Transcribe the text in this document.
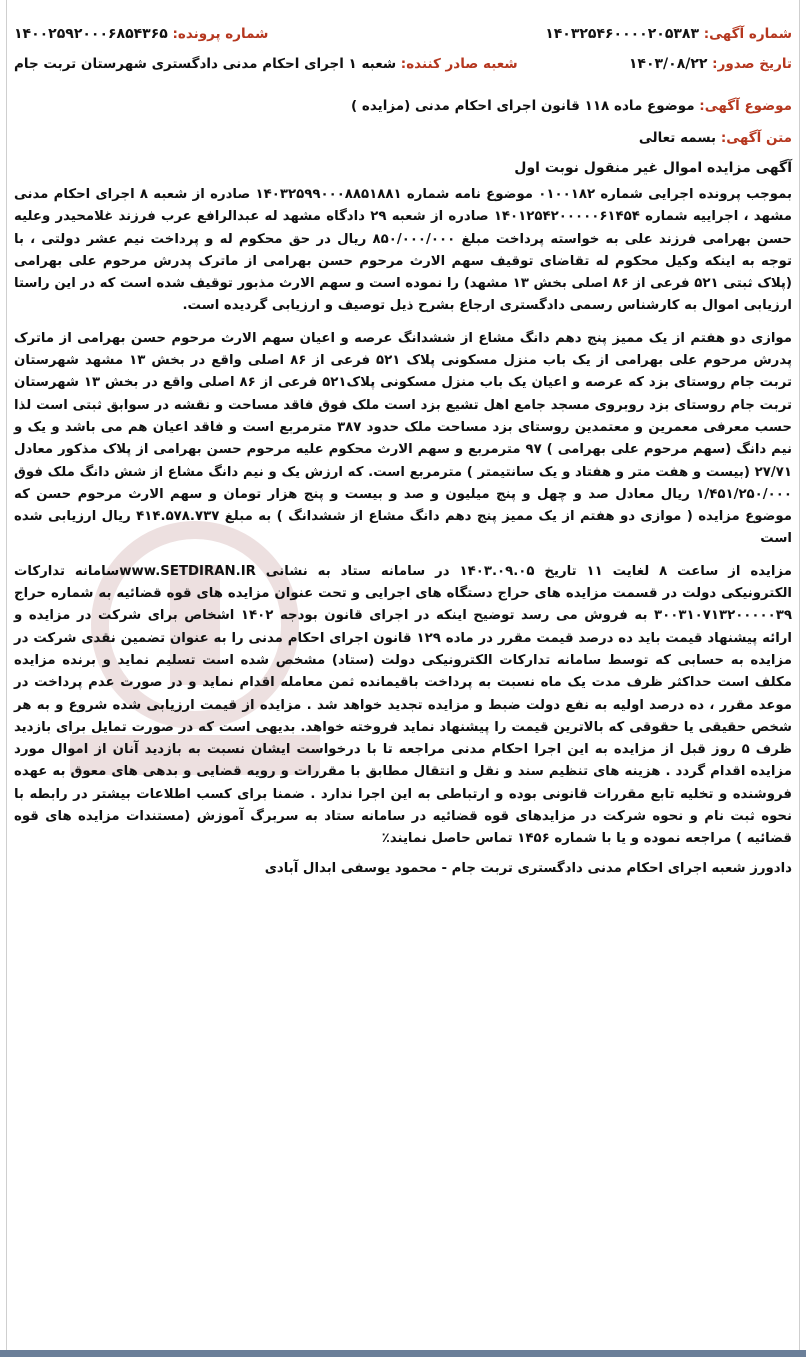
شماره آگهی: ۱۴۰۳۲۵۴۶۰۰۰۰۲۰۵۳۸۳
شماره پرونده: ۱۴۰۰۲۵۹۲۰۰۰۶۸۵۴۳۶۵
تاریخ صدور: ۱۴۰۳/۰۸/۲۲
شعبه صادر کننده: شعبه ۱ اجرای احکام مدنی دادگستری شهرستان تربت جام
موضوع آگهی: موضوع ماده ۱۱۸ قانون اجرای احکام مدنی (مزایده )
متن آگهی: بسمه تعالی
آگهی مزایده اموال غیر منقول نوبت اول

بموجب پرونده اجرایی شماره ۰۱۰۰۱۸۲ موضوع نامه شماره ۱۴۰۳۲۵۹۹۰۰۰۸۸۵۱۸۸۱ صادره از شعبه ۸ اجرای احکام مدنی مشهد ، اجراییه شماره ۱۴۰۱۲۵۴۲۰۰۰۰۰۶۱۴۵۴ صادره از شعبه ۲۹ دادگاه مشهد له عبدالرافع عرب فرزند غلامحیدر وعلیه حسن بهرامی فرزند علی به خواسته پرداخت مبلغ ۸۵۰/۰۰۰/۰۰۰ ریال در حق محکوم له و پرداخت نیم عشر دولتی ، با توجه به اینکه وکیل محکوم له تقاضای توقیف سهم الارث مرحوم حسن بهرامی از ماترک پدرش مرحوم علی بهرامی (پلاک ثبتی ۵۲۱ فرعی از ۸۶ اصلی بخش ۱۳ مشهد) را نموده است و سهم الارث مذبور توقیف شده است که در این راستا ارزیابی اموال به کارشناس رسمی دادگستری ارجاع بشرح ذیل توصیف و ارزیابی گردیده است.

موازی دو هفتم از یک ممیز پنج دهم دانگ مشاع از ششدانگ عرصه و اعیان سهم الارث مرحوم حسن بهرامی از ماترک پدرش مرحوم علی بهرامی از یک باب منزل مسکونی پلاک ۵۲۱ فرعی از ۸۶ اصلی واقع در بخش ۱۳ مشهد شهرستان تربت جام روستای بزد که عرصه و اعیان یک باب منزل مسکونی پلاک۵۲۱ فرعی از ۸۶ اصلی واقع در بخش ۱۳ شهرستان تربت جام روستای بزد روبروی مسجد جامع اهل تشیع بزد است ملک فوق فاقد مساحت و نقشه در سوابق ثبتی است لذا حسب معرفی معمرین و معتمدین روستای بزد مساحت ملک حدود ۳۸۷ مترمربع است و فاقد اعیان هم می باشد و یک و نیم دانگ (سهم مرحوم علی بهرامی ) ۹۷ مترمربع و سهم الارث محکوم علیه مرحوم حسن بهرامی از پلاک مذکور معادل ۲۷/۷۱ (بیست و هفت متر و هفتاد و یک سانتیمتر ) مترمربع است. که ارزش یک و نیم دانگ مشاع از شش دانگ ملک فوق ۱/۴۵۱/۲۵۰/۰۰۰ ریال معادل صد و چهل و پنج میلیون و صد و بیست و پنج هزار تومان و سهم الارث مرحوم حسن که موضوع مزایده ( موازی دو هفتم از یک ممیز پنج دهم دانگ مشاع از ششدانگ ) به مبلغ ۴۱۴.۵۷۸.۷۳۷ ریال ارزیابی شده است

مزایده از ساعت ۸ لغایت ۱۱ تاریخ ۱۴۰۳.۰۹.۰۵ در سامانه ستاد به نشانی www.SETDIRAN.IRسامانه تدارکات الکترونیکی دولت در قسمت مزایده های حراج دستگاه های اجرایی و تحت عنوان مزایده های قوه قضائیه به شماره حراج ۳۰۰۳۱۰۷۱۳۲۰۰۰۰۰۳۹ به فروش می رسد توضیح اینکه در اجرای قانون بودجه ۱۴۰۲ اشخاص برای شرکت در مزایده و ارائه پیشنهاد قیمت باید ده درصد قیمت مقرر در ماده ۱۲۹ قانون اجرای احکام مدنی را به عنوان تضمین نقدی شرکت در مزایده به حسابی که توسط سامانه تدارکات الکترونیکی دولت (ستاد) مشخص شده است تسلیم نماید و برنده مزایده مکلف است حداکثر ظرف مدت یک ماه نسبت به پرداخت باقیمانده ثمن معامله اقدام نماید و در صورت عدم پرداخت در موعد مقرر ، ده درصد اولیه به نفع دولت ضبط و مزایده تجدید خواهد شد . مزایده از قیمت ارزیابی شده شروع و به هر شخص حقیقی یا حقوقی که بالاترین قیمت را پیشنهاد نماید فروخته خواهد. بدیهی است که در صورت تمایل برای بازدید ظرف ۵ روز قبل از مزایده به این اجرا احکام مدنی مراجعه تا با درخواست ایشان نسبت به بازدید آنان از اموال مورد مزایده اقدام گردد . هزینه های تنظیم سند و نقل و انتقال مطابق با مقررات و رویه قضایی و بدهی های معوق به عهده فروشنده و تخلیه تابع مقررات قانونی بوده و ارتباطی به این اجرا ندارد . ضمنا برای کسب اطلاعات بیشتر در رابطه با نحوه ثبت نام و نحوه شرکت در مزایدهای قوه قضائیه در سامانه ستاد به سربرگ آموزش (مستندات مزایده های قوه قضائیه ) مراجعه نموده و یا با شماره ۱۴۵۶ تماس حاصل نمایند٪

دادورز شعبه اجرای احکام مدنی دادگستری تربت جام - محمود یوسفی ابدال آبادی
